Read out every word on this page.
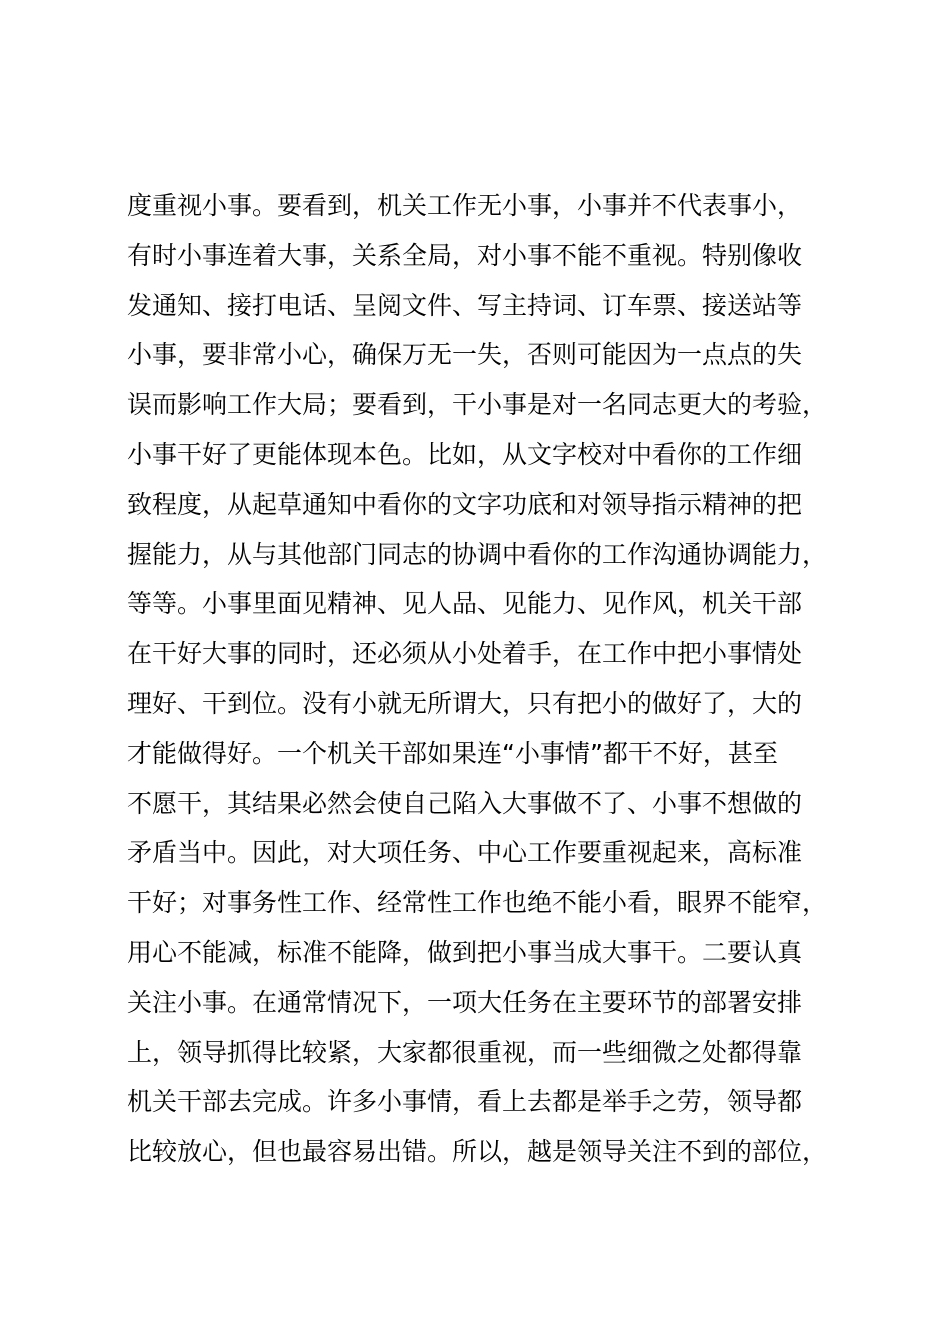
度重视小事。要看到，机关工作无小事，小事并不代表事小，
有时小事连着大事，关系全局，对小事不能不重视。特别像收
发通知、接打电话、呈阅文件、写主持词、订车票、接送站等
小事，要非常小心，确保万无一失，否则可能因为一点点的失
误而影响工作大局；要看到，干小事是对一名同志更大的考验，
小事干好了更能体现本色。比如，从文字校对中看你的工作细
致程度，从起草通知中看你的文字功底和对领导指示精神的把
握能力，从与其他部门同志的协调中看你的工作沟通协调能力，
等等。小事里面见精神、见人品、见能力、见作风，机关干部
在干好大事的同时，还必须从小处着手，在工作中把小事情处
理好、干到位。没有小就无所谓大，只有把小的做好了，大的
才能做得好。一个机关干部如果连“小事情”都干不好，甚至
不愿干，其结果必然会使自己陷入大事做不了、小事不想做的
矛盾当中。因此，对大项任务、中心工作要重视起来，高标准
干好；对事务性工作、经常性工作也绝不能小看，眼界不能窄，
用心不能减，标准不能降，做到把小事当成大事干。二要认真
关注小事。在通常情况下，一项大任务在主要环节的部署安排
上，领导抓得比较紧，大家都很重视，而一些细微之处都得靠
机关干部去完成。许多小事情，看上去都是举手之劳，领导都
比较放心，但也最容易出错。所以，越是领导关注不到的部位，
